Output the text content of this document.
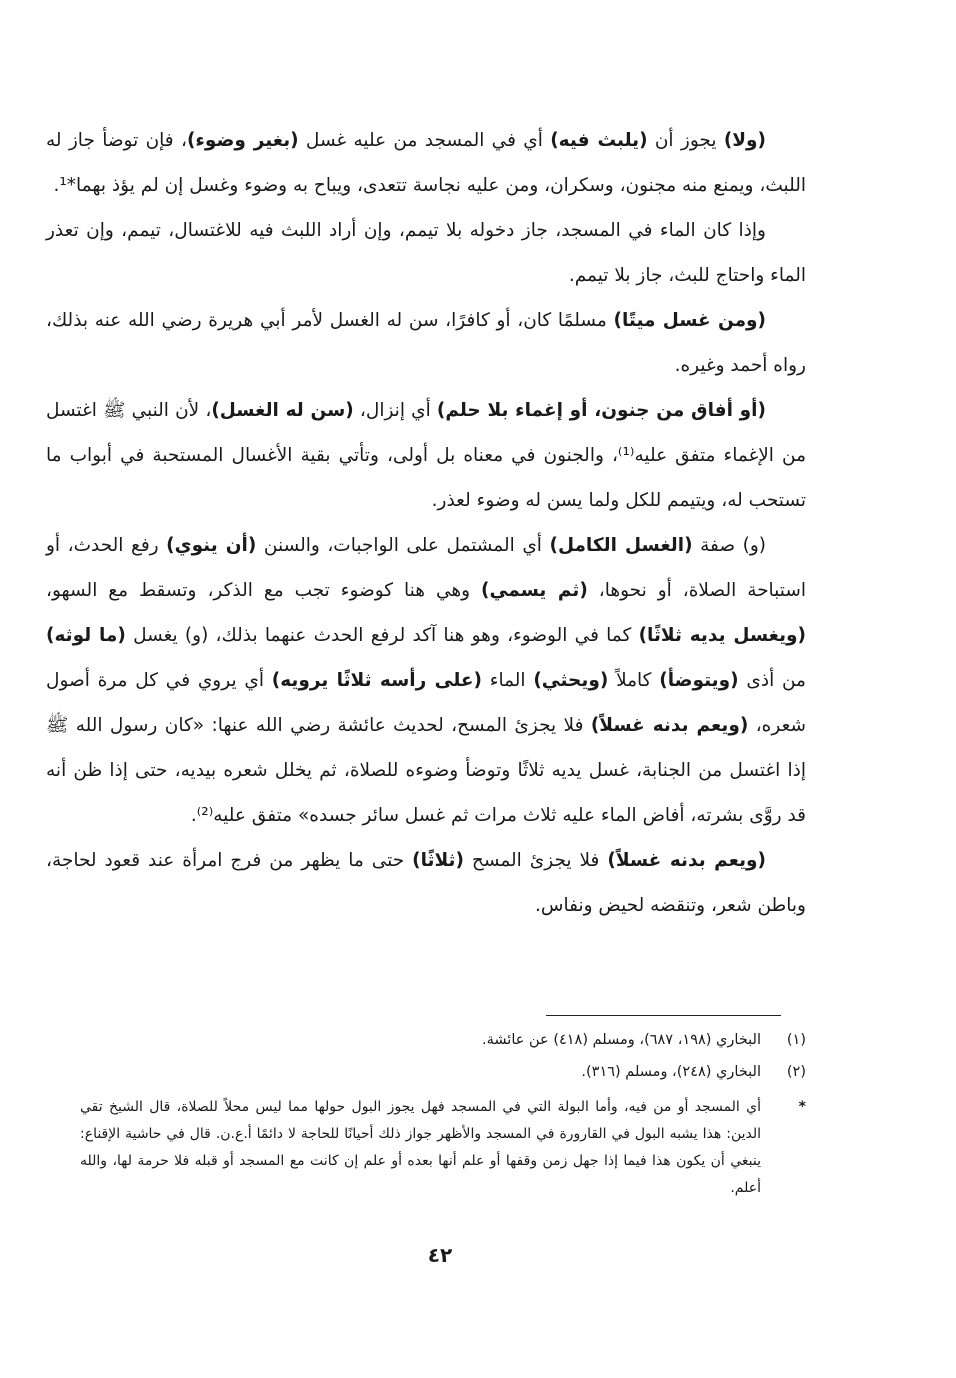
(ولا) يجوز أن (يلبث فيه) أي في المسجد من عليه غسل (بغير وضوء)، فإن توضأ جاز له اللبث، ويمنع منه مجنون، وسكران، ومن عليه نجاسة تتعدى، ويباح به وضوء وغسل إن لم يؤذ بهما*¹.

وإذا كان الماء في المسجد، جاز دخوله بلا تيمم، وإن أراد اللبث فيه للاغتسال، تيمم، وإن تعذر الماء واحتاج للبث، جاز بلا تيمم.

(ومن غسل ميتًا) مسلمًا كان، أو كافرًا، سن له الغسل لأمر أبي هريرة رضي الله عنه بذلك، رواه أحمد وغيره.

(أو أفاق من جنون، أو إغماء بلا حلم) أي إنزال، (سن له الغسل)، لأن النبي ﷺ اغتسل من الإغماء متفق عليه⁽¹⁾، والجنون في معناه بل أولى، وتأتي بقية الأغسال المستحبة في أبواب ما تستحب له، ويتيمم للكل ولما يسن له وضوء لعذر.

(و) صفة (الغسل الكامل) أي المشتمل على الواجبات، والسنن (أن ينوي) رفع الحدث، أو استباحة الصلاة، أو نحوها، (ثم يسمي) وهي هنا كوضوء تجب مع الذكر، وتسقط مع السهو، (ويغسل يديه ثلاثًا) كما في الوضوء، وهو هنا آكد لرفع الحدث عنهما بذلك، (و) يغسل (ما لوثه) من أذى (ويتوضأ) كاملاً (ويحثي) الماء (على رأسه ثلاثًا يرويه) أي يروي في كل مرة أصول شعره، (ويعم بدنه غسلاً) فلا يجزئ المسح، لحديث عائشة رضي الله عنها: «كان رسول الله ﷺ إذا اغتسل من الجنابة، غسل يديه ثلاثًا وتوضأ وضوءه للصلاة، ثم يخلل شعره بيديه، حتى إذا ظن أنه قد روَّى بشرته، أفاض الماء عليه ثلاث مرات ثم غسل سائر جسده» متفق عليه⁽²⁾.

(ويعم بدنه غسلاً) فلا يجزئ المسح (ثلاثًا) حتى ما يظهر من فرج امرأة عند قعود لحاجة، وباطن شعر، وتنقضه لحيض ونفاس.

(١)
البخاري (١٩٨، ٦٨٧)، ومسلم (٤١٨) عن عائشة.
(٢)
البخاري (٢٤٨)، ومسلم (٣١٦).
*
أي المسجد أو من فيه، وأما البولة التي في المسجد فهل يجوز البول حولها مما ليس محلاً للصلاة، قال الشيخ تقي الدين: هذا يشبه البول في القارورة في المسجد والأظهر جواز ذلك أحيانًا للحاجة لا دائمًا أ.ع.ن. قال في حاشية الإقناع: ينبغي أن يكون هذا فيما إذا جهل زمن وقفها أو علم أنها بعده أو علم إن كانت مع المسجد أو قبله فلا حرمة لها، والله أعلم.
٤٢
